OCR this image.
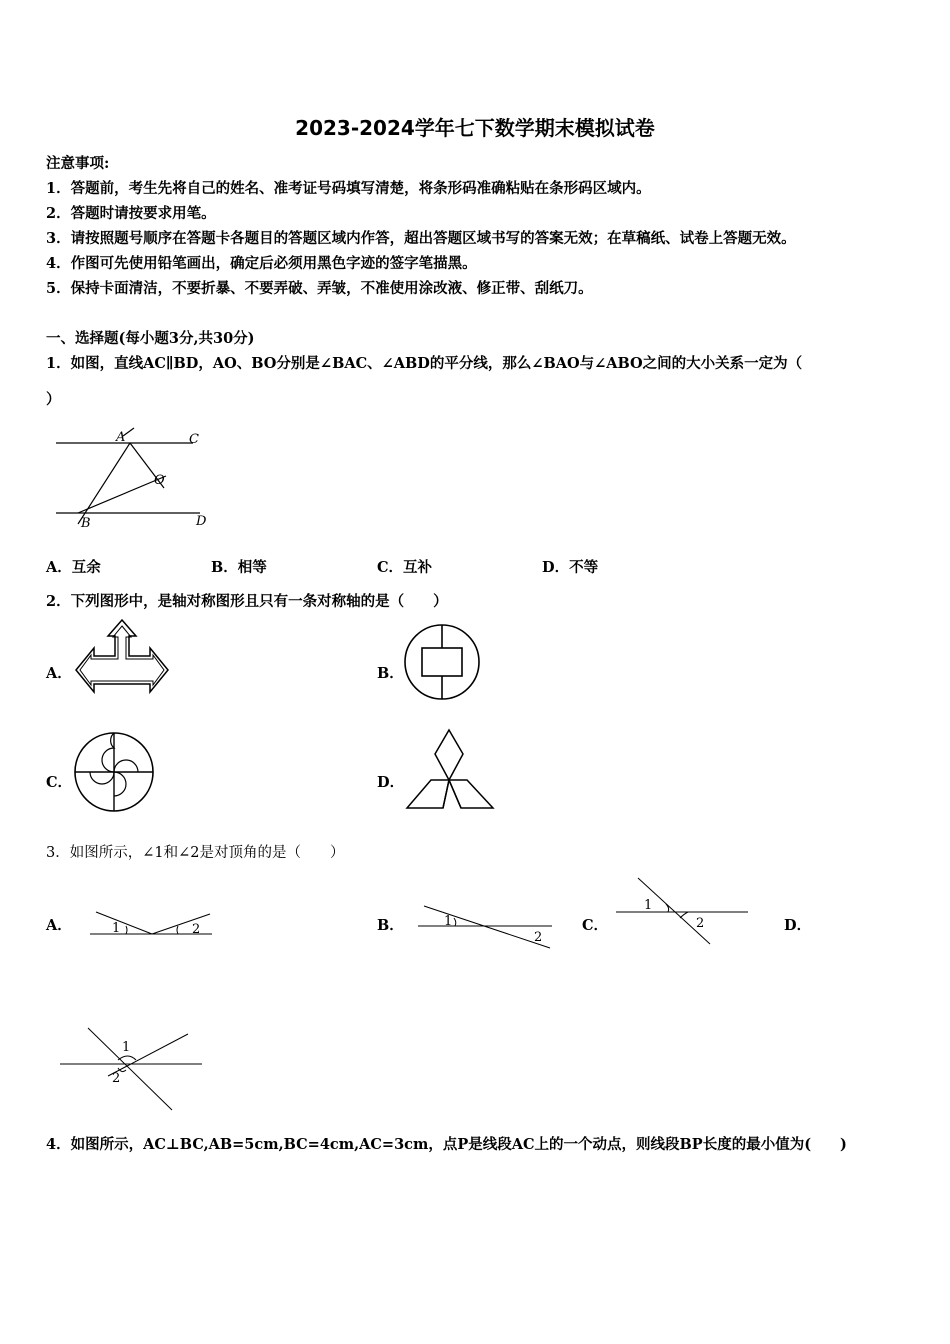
2023-2024学年七下数学期末模拟试卷
注意事项:
1．答题前，考生先将自己的姓名、准考证号码填写清楚，将条形码准确粘贴在条形码区域内。
2．答题时请按要求用笔。
3．请按照题号顺序在答题卡各题目的答题区域内作答，超出答题区域书写的答案无效；在草稿纸、试卷上答题无效。
4．作图可先使用铅笔画出，确定后必须用黑色字迹的签字笔描黑。
5．保持卡面清洁，不要折暴、不要弄破、弄皱，不准使用涂改液、修正带、刮纸刀。
一、选择题(每小题3分,共30分)
1．如图，直线AC∥BD，AO、BO分别是∠BAC、∠ABD的平分线，那么∠BAO与∠ABO之间的大小关系一定为（
）
A	C
O
B	D
A．互余	B．相等	C．互补	D．不等
2．下列图形中，是轴对称图形且只有一条对称轴的是（　　）
A．	B．
C．	D．
3．如图所示，∠1和∠2是对顶角的是（　　）
A．	1	2	B．	1
2
C．
1
2	D．
1
2
4．如图所示，AC⊥BC,AB=5cm,BC=4cm,AC=3cm，点P是线段AC上的一个动点，则线段BP长度的最小值为(　　)
